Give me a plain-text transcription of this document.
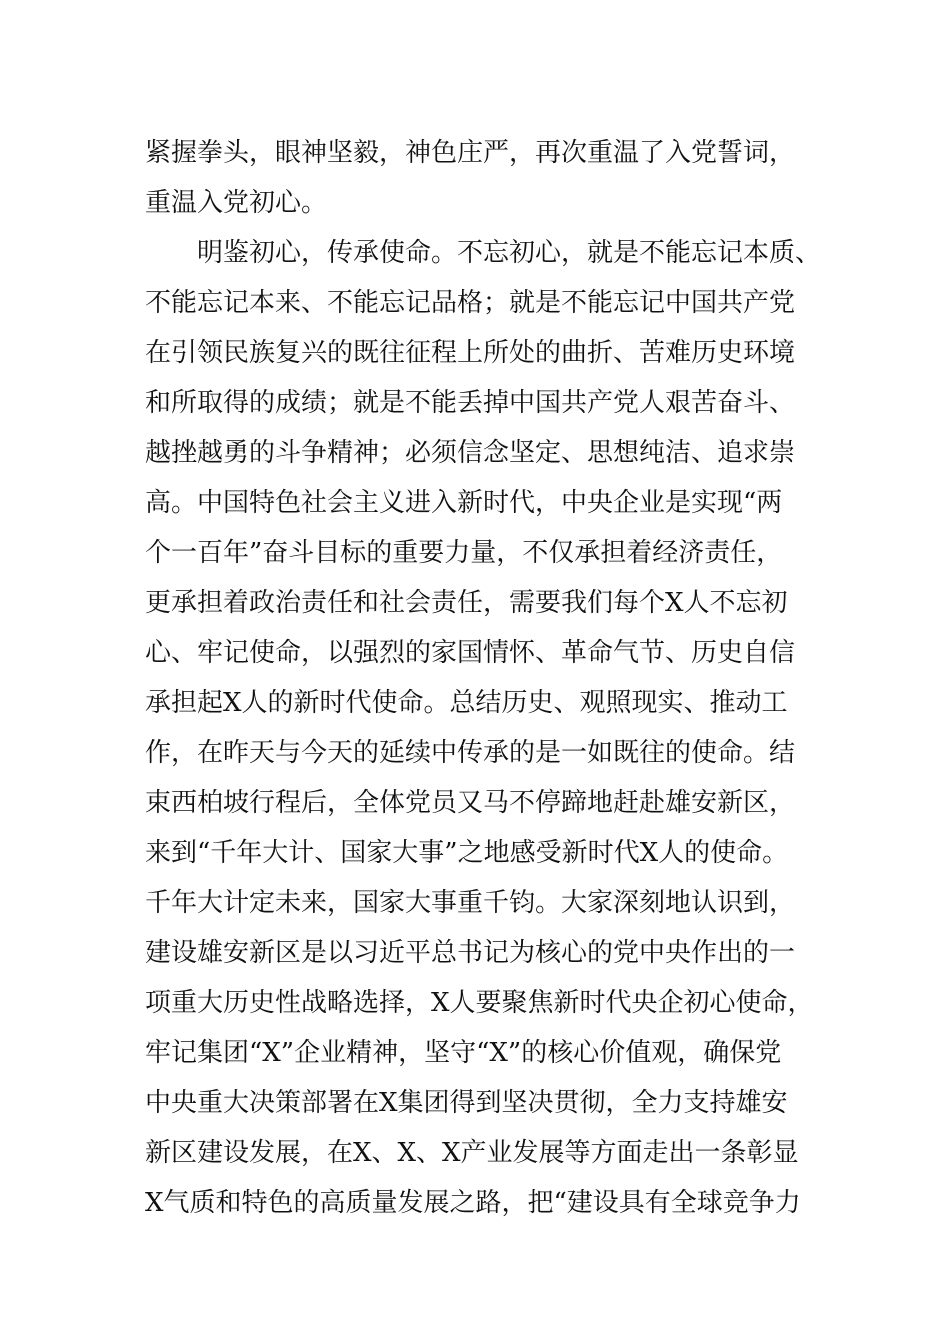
紧握拳头，眼神坚毅，神色庄严，再次重温了入党誓词，
重温入党初心。
　　明鉴初心，传承使命。不忘初心，就是不能忘记本质、
不能忘记本来、不能忘记品格；就是不能忘记中国共产党
在引领民族复兴的既往征程上所处的曲折、苦难历史环境
和所取得的成绩；就是不能丢掉中国共产党人艰苦奋斗、
越挫越勇的斗争精神；必须信念坚定、思想纯洁、追求崇
高。中国特色社会主义进入新时代，中央企业是实现“两
个一百年”奋斗目标的重要力量，不仅承担着经济责任，
更承担着政治责任和社会责任，需要我们每个X人不忘初
心、牢记使命，以强烈的家国情怀、革命气节、历史自信
承担起X人的新时代使命。总结历史、观照现实、推动工
作，在昨天与今天的延续中传承的是一如既往的使命。结
束西柏坡行程后，全体党员又马不停蹄地赶赴雄安新区，
来到“千年大计、国家大事”之地感受新时代X人的使命。
千年大计定未来，国家大事重千钧。大家深刻地认识到，
建设雄安新区是以习近平总书记为核心的党中央作出的一
项重大历史性战略选择，X人要聚焦新时代央企初心使命，
牢记集团“X”企业精神，坚守“X”的核心价值观，确保党
中央重大决策部署在X集团得到坚决贯彻，全力支持雄安
新区建设发展，在X、X、X产业发展等方面走出一条彰显
X气质和特色的高质量发展之路，把“建设具有全球竞争力
